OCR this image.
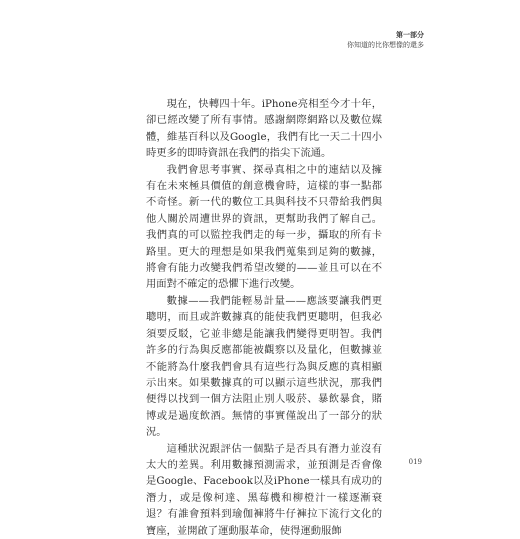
第一部分
你知道的比你想像的還多

現在，快轉四十年。iPhone亮相至今才十年，卻已經改變了所有事情。感謝網際網路以及數位媒體，維基百科以及Google，我們有比一天二十四小時更多的即時資訊在我們的指尖下流通。

我們會思考事實、探尋真相之中的連結以及擁有在未來極具價值的創意機會時，這樣的事一點都不奇怪。新一代的數位工具與科技不只帶給我們與他人關於周遭世界的資訊，更幫助我們了解自己。我們真的可以監控我們走的每一步，攝取的所有卡路里。更大的理想是如果我們蒐集到足夠的數據，將會有能力改變我們希望改變的——並且可以在不用面對不確定的恐懼下進行改變。

數據——我們能輕易計量——應該要讓我們更聰明，而且或許數據真的能使我們更聰明，但我必須要反駁，它並非總是能讓我們變得更明智。我們許多的行為與反應都能被觀察以及量化，但數據並不能將為什麼我們會具有這些行為與反應的真相顯示出來。如果數據真的可以顯示這些狀況，那我們便得以找到一個方法阻止別人吸菸、暴飲暴食，賭博或是過度飲酒。無情的事實僅說出了一部分的狀況。

這種狀況跟評估一個點子是否具有潛力並沒有太大的差異。利用數據預測需求，並預測是否會像是Google、Facebook以及iPhone一樣具有成功的潛力，或是像柯達、黑莓機和柳橙汁一樣逐漸衰退？有誰會預料到瑜伽褲將牛仔褲拉下流行文化的寶座，並開啟了運動服革命，使得運動服飾

019
